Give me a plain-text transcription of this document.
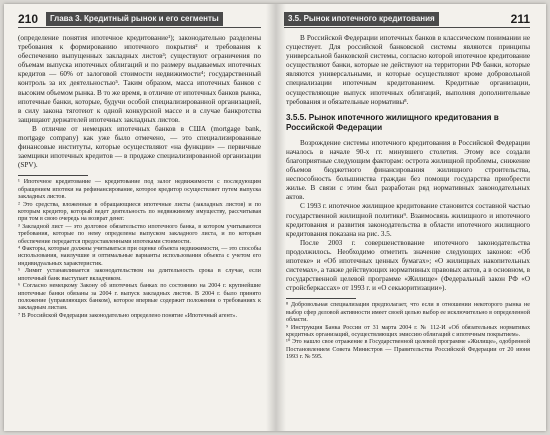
210	Глава 3. Кредитный рынок и его сегменты

(определение понятия ипотечное кредитование¹); законодательно разделены требования к формированию ипотечного покрытия² и требования к обеспечению выпущенных закладных листов³; существуют ограничения по объемам выпуска ипотечных облигаций и по размеру выдаваемых ипотечных кредитов — 60% от залоговой стоимости недвижимости⁴; государственный контроль за их деятельностью⁵. Таким образом, масса ипотечных банков с высоким объемом рынка. В то же время, в отличие от ипотечных банков рынка, ипотечные банки, которые, будучи особой специализированной организацией, в силу закона тяготеют к одной конкурсной массе и в случае банкротства защищают держателей ипотечных закладных листов.

В отличие от немецких ипотечных банков в США (mortgage bank, mortgage company) как уже было отмечено, — это специализированные финансовые институты, которые осуществляют «на функции» — первичные заемщики ипотечных кредитов — в продаже специализированной организации (SPV).

¹ Ипотечное кредитование — кредитование под залог недвижимости с последующим обращением ипотеки на рефинансирование, которое кредитор осуществляет путем выпуска закладных листов.

² Это средства, вложенные в обращающиеся ипотечные листы (закладных листов) и по которым кредитор, который ведет деятельность по недвижимому имуществу, рассчитывая при том в свою очередь на возврат денег.

³ Закладной лист — это долговое обязательство ипотечного банка, в котором учитываются требования, которые по нему определены выпуском закладного листа, и по которым обеспечение передается предоставленными ипотеками стоимости.

⁴ Факторы, которые должны учитываться при оценке объекта недвижимости, — это способы использования, наилучшие и оптимальные варианты использования объекта с учетом его индивидуальных характеристик.

⁵ Лимит устанавливается законодательством на длительность срока в случае, если ипотечный банк выступает вкладчиком.

⁶ Согласно немецкому Закону об ипотечных банках по состоянию на 2004 г. крупнейшие ипотечные банки обязаны за 2004 г. выпуск закладных листов. В 2004 г. было принято положение (управляющих банком), которое впервые содержит положения о требованиях к закладным листам.

⁷ В Российской Федерации законодательно определено понятие «Ипотечный агент».

3.5. Рынок ипотечного кредитования	211

В Российской Федерации ипотечных банков в классическом понимании не существует. Для российской банковской системы являются принципы универсальной банковской системы, согласно которой ипотечное кредитование осуществляют банки, которые не действуют на территории РФ банки, которые являются универсальными, и которые осуществляют кроме добровольной специализации ипотечным кредитованием. Кредитные организации, осуществляющие выпуск ипотечных облигаций, выполняя дополнительные требования и обязательные нормативы⁸.

3.5.5. Рынок ипотечного жилищного кредитования в Российской Федерации

Возрождение системы ипотечного кредитования в Российской Федерации началось в начале 90-х гг. минувшего столетия. Этому все создали благоприятные следующим факторам: острота жилищной проблемы, снижение объемов бюджетного финансирования жилищного строительства, неспособность большинства граждан без помощи государства приобрести жилье. В связи с этим был разработан ряд нормативных законодательных актов.

С 1993 г. ипотечное жилищное кредитование становится составной частью государственной жилищной политики⁹. Взаимосвязь жилищного и ипотечного кредитования и развития законодательства в области ипотечного жилищного кредитования показана на рис. 3.5.

После 2003 г. совершенствование ипотечного законодательства продолжилось. Необходимо отметить значение следующих законов: «Об ипотеке» и «Об ипотечных ценных бумагах»; «О жилищных накопительных системах», а также действующих нормативных правовых актов, а в основном, в государственной целевой программе «Жилище» (Федеральный закон РФ «О стройсберкассах» от 1993 г. и «О секьюритизации»).

⁸ Добровольная специализация предполагает, что если в отношении некоторого рынка не выбор сфер деловой активности имеет своей целью выбор ее исключительно в определенной области.

⁹ Инструкция Банка России от 31 марта 2004 г. № 112-И «Об обязательных нормативах кредитных организаций, осуществляющих эмиссию облигаций с ипотечным покрытием».

¹⁰ Это нашло свое отражение в Государственной целевой программе «Жилище», одобренной Постановлением Совета Министров — Правительства Российской Федерации от 20 июня 1993 г. № 595.
